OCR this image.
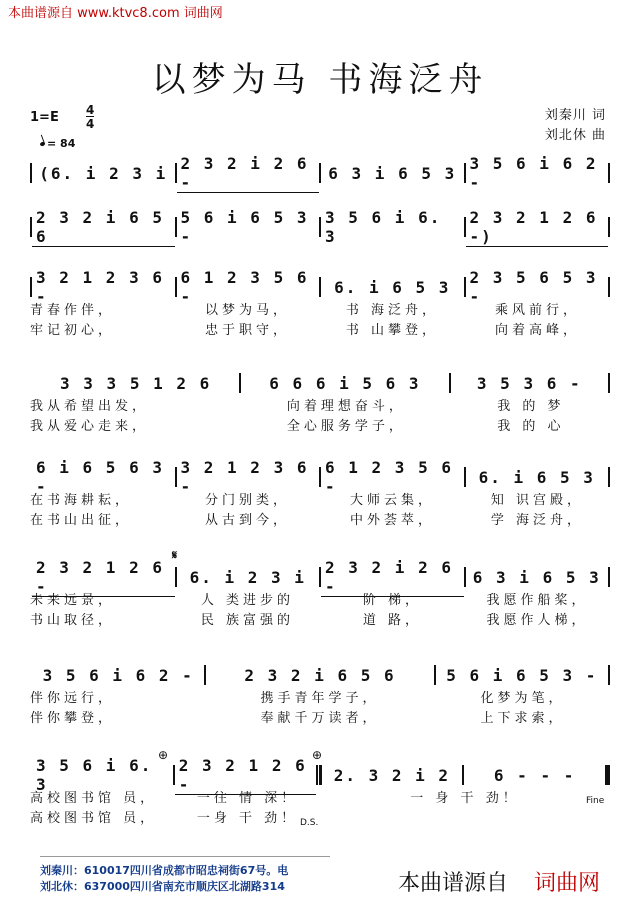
本曲谱源自 www.ktvc8.com 词曲网
以梦为马 书海泛舟
刘秦川 词
刘北休 曲
1=E 4
4
= 84
(6. i 2 3 i
2 3 2 i 2 6 -	6 3 i 6 5 3 3 5 6 i 6 2 -
2 3 2 i 6 5 6
5 6 i 6 5 3 -
3 5 6 i 6. 3
2 3 2 1 2 6 -)
3 2 1 2 3 6 -
6 1 2 3 5 6 -	6. i 6 5 3	2 3 5 6 5 3 -
青春作伴，	以梦为马，	书 海泛舟，	乘风前行，
牢记初心，	忠于职守，	书 山攀登，	向着高峰，
3 3 3 5 1 2 6	6 6 6 i 5 6 3	3 5 3 6 -
我从希望出发，	向着理想奋斗，	我 的 梦
我从爱心走来，	全心服务学子，	我 的 心
6 i 6 5 6 3 -
3 2 1 2 3 6 -
6 1 2 3 5 6 -	6. i 6 5 3
在书海耕耘，	分门别类，	大师云集，	知 识宫殿，
在书山出征，	从古到今，	中外荟萃，	学 海泛舟，
𝄋
2 3 2 1 2 6 -	6. i 2 3 i
2 3 2 i 2 6 -	6 3 i 6 5 3
未来远景，	人 类进步的	阶 梯，	我愿作船桨，
书山取径，	民 族富强的	道 路，	我愿作人梯，
3 5 6 i 6 2 -	2 3 2 i 6 5 6	5 6 i 6 5 3 -
伴你远行，	携手青年学子，	化梦为笔，
伴你攀登，	奉献千万读者，	上下求索，
⊕	⊕
3 5 6 i 6. 3
2 3 2 1 2 6 -	2. 3 2 i 2	6 - - -
高校图书馆 员，	一往 情 深！	一 身 干 劲！
高校图书馆 员，	一身 干 劲！
Fine
D.S.
刘秦川：610017四川省成都市昭忠祠街67号。电
刘北休：637000四川省南充市顺庆区北湖路314	本曲谱源自 词曲网
